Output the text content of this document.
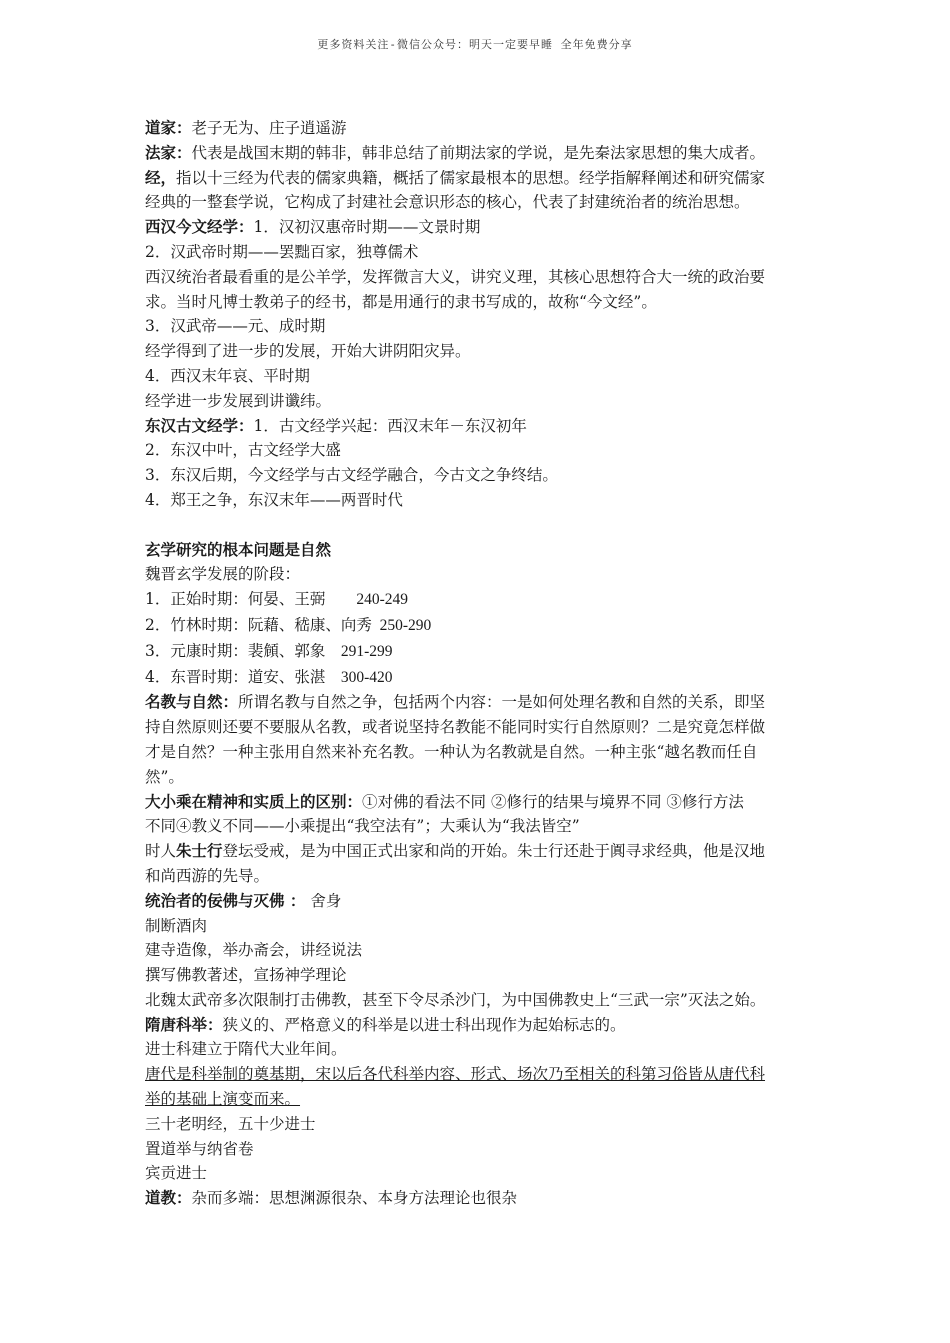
更多资料关注-微信公众号：明天一定要早睡 全年免费分享

道家：老子无为、庄子逍遥游

法家：代表是战国末期的韩非，韩非总结了前期法家的学说，是先秦法家思想的集大成者。

经，指以十三经为代表的儒家典籍，概括了儒家最根本的思想。经学指解释阐述和研究儒家

经典的一整套学说，它构成了封建社会意识形态的核心，代表了封建统治者的统治思想。

西汉今文经学：1．汉初汉惠帝时期——文景时期

2．汉武帝时期——罢黜百家，独尊儒术

西汉统治者最看重的是公羊学，发挥微言大义，讲究义理，其核心思想符合大一统的政治要

求。当时凡博士教弟子的经书，都是用通行的隶书写成的，故称“今文经”。

3．汉武帝——元、成时期

经学得到了进一步的发展，开始大讲阴阳灾异。

4．西汉末年哀、平时期

经学进一步发展到讲谶纬。

东汉古文经学：1．古文经学兴起：西汉末年－东汉初年

2．东汉中叶，古文经学大盛

3．东汉后期，今文经学与古文经学融合，今古文之争终结。

4．郑王之争，东汉末年——两晋时代

玄学研究的根本问题是自然

魏晋玄学发展的阶段：

1．正始时期：何晏、王弼   240-249

2．竹林时期：阮藉、嵇康、向秀  250-290

3．元康时期：裴頠、郭象  291-299

4．东晋时期：道安、张湛  300-420

名教与自然：所谓名教与自然之争，包括两个内容：一是如何处理名教和自然的关系，即坚

持自然原则还要不要服从名教，或者说坚持名教能不能同时实行自然原则？二是究竟怎样做

才是自然？一种主张用自然来补充名教。一种认为名教就是自然。一种主张“越名教而任自

然”。

大小乘在精神和实质上的区别：①对佛的看法不同 ②修行的结果与境界不同 ③修行方法

不同④教义不同——小乘提出“我空法有”；大乘认为“我法皆空”

时人朱士行登坛受戒，是为中国正式出家和尚的开始。朱士行还赴于阗寻求经典，他是汉地

和尚西游的先导。

统治者的佞佛与灭佛 ： 舍身

制断酒肉

建寺造像，举办斋会，讲经说法

撰写佛教著述，宣扬神学理论

北魏太武帝多次限制打击佛教，甚至下令尽杀沙门，为中国佛教史上“三武一宗”灭法之始。

隋唐科举：狭义的、严格意义的科举是以进士科出现作为起始标志的。

进士科建立于隋代大业年间。

唐代是科举制的奠基期，宋以后各代科举内容、形式、场次乃至相关的科第习俗皆从唐代科

举的基础上演变而来。

三十老明经，五十少进士

置道举与纳省卷

宾贡进士

道教：杂而多端：思想渊源很杂、本身方法理论也很杂
